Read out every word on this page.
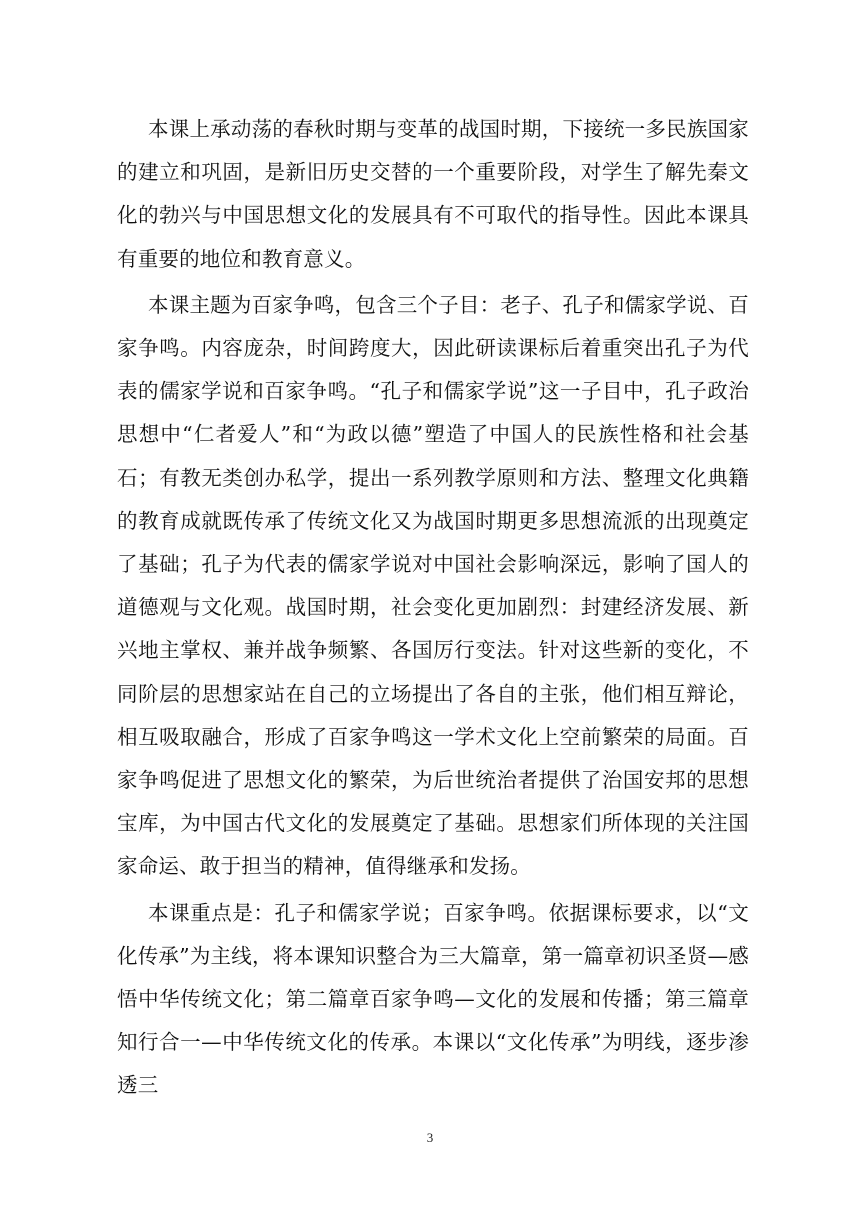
本课上承动荡的春秋时期与变革的战国时期，下接统一多民族国家的建立和巩固，是新旧历史交替的一个重要阶段，对学生了解先秦文化的勃兴与中国思想文化的发展具有不可取代的指导性。因此本课具有重要的地位和教育意义。

本课主题为百家争鸣，包含三个子目：老子、孔子和儒家学说、百家争鸣。内容庞杂，时间跨度大，因此研读课标后着重突出孔子为代表的儒家学说和百家争鸣。“孔子和儒家学说”这一子目中，孔子政治思想中“仁者爱人”和“为政以德”塑造了中国人的民族性格和社会基石；有教无类创办私学，提出一系列教学原则和方法、整理文化典籍的教育成就既传承了传统文化又为战国时期更多思想流派的出现奠定了基础；孔子为代表的儒家学说对中国社会影响深远，影响了国人的道德观与文化观。战国时期，社会变化更加剧烈：封建经济发展、新兴地主掌权、兼并战争频繁、各国厉行变法。针对这些新的变化，不同阶层的思想家站在自己的立场提出了各自的主张，他们相互辩论，相互吸取融合，形成了百家争鸣这一学术文化上空前繁荣的局面。百家争鸣促进了思想文化的繁荣，为后世统治者提供了治国安邦的思想宝库，为中国古代文化的发展奠定了基础。思想家们所体现的关注国家命运、敢于担当的精神，值得继承和发扬。

本课重点是：孔子和儒家学说；百家争鸣。依据课标要求，以“文化传承”为主线，将本课知识整合为三大篇章，第一篇章初识圣贤—感悟中华传统文化；第二篇章百家争鸣—文化的发展和传播；第三篇章知行合一—中华传统文化的传承。本课以“文化传承”为明线，逐步渗透三

3
